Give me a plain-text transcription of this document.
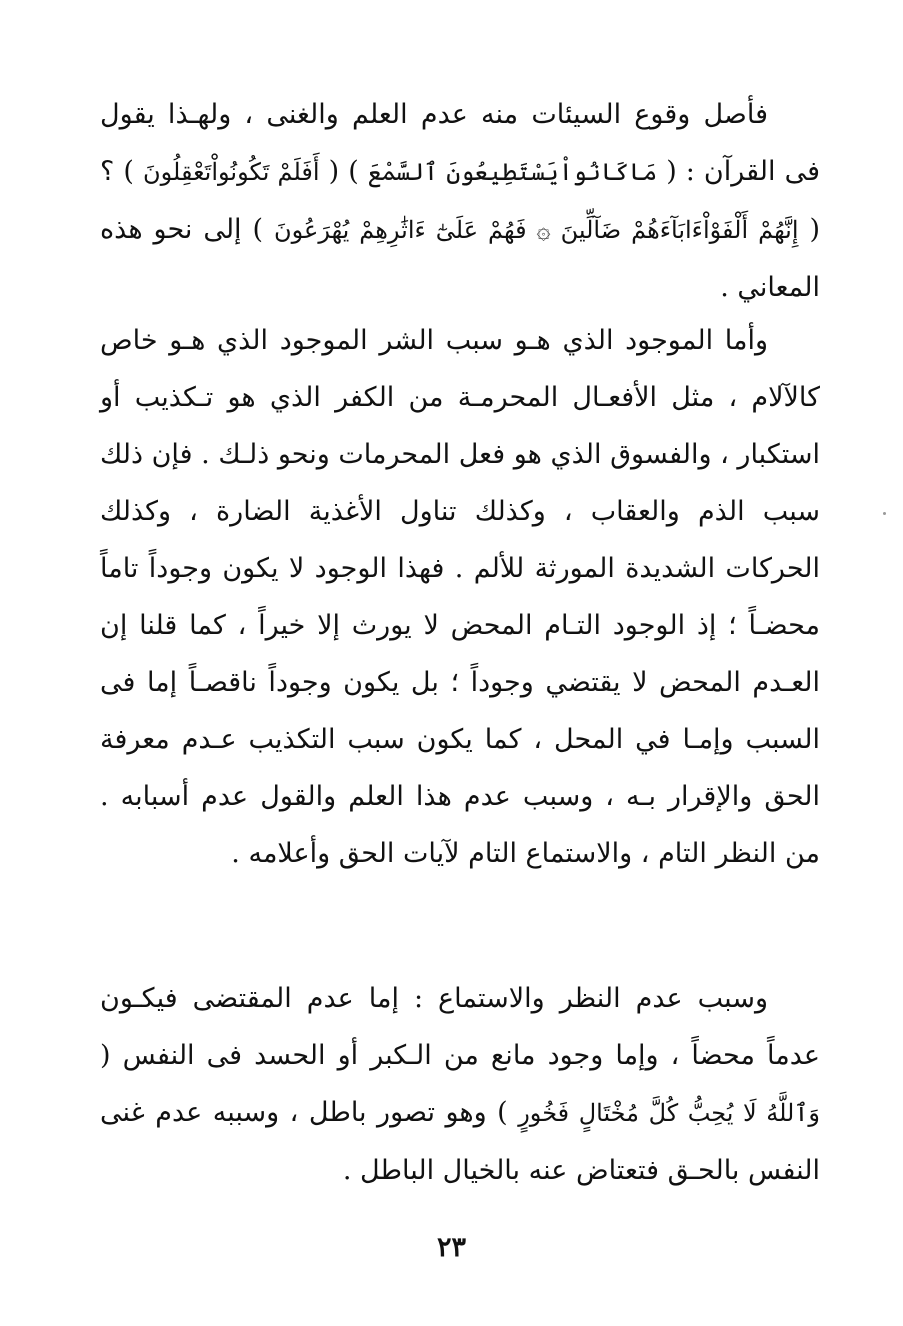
فأصل وقوع السيئات منه عدم العلم والغنى ، ولهـذا يقول فى القرآن : ( مَاكَانُواْيَسْتَطِيعُونَ ٱلسَّمْعَ ) ( أَفَلَمْ تَكُونُواْتَعْقِلُونَ ) ؟ ( إِنَّهُمْ أَلْفَوْاْءَابَآءَهُمْ ضَآلِّينَ ۞ فَهُمْ عَلَىٰٓ ءَاثَٰرِهِمْ يُهْرَعُونَ ) إلى نحو هذه المعاني .

وأما الموجود الذي هـو سبب الشر الموجود الذي هـو خاص كالآلام ، مثل الأفعـال المحرمـة من الكفر الذي هو تـكذيب أو استكبار ، والفسوق الذي هو فعل المحرمات ونحو ذلـك . فإن ذلك سبب الذم والعقاب ، وكذلك تناول الأغذية الضارة ، وكذلك الحركات الشديدة المورثة للألم . فهذا الوجود لا يكون وجوداً تاماً محضـاً ؛ إذ الوجود التـام المحض لا يورث إلا خيراً ، كما قلنا إن العـدم المحض لا يقتضي وجوداً ؛ بل يكون وجوداً ناقصـاً إما فى السبب وإمـا في المحل ، كما يكون سبب التكذيب عـدم معرفة الحق والإقرار بـه ، وسبب عدم هذا العلم والقول عدم أسبابه . من النظر التام ، والاستماع التام لآيات الحق وأعلامه .

وسبب عدم النظر والاستماع : إما عدم المقتضى فيكـون عدماً محضاً ، وإما وجود مانع من الـكبر أو الحسد فى النفس ( وَٱللَّهُ لَا يُحِبُّ كُلَّ مُخْتَالٍ فَخُورٍ ) وهو تصور باطل ، وسببه عدم غنى النفس بالحـق فتعتاض عنه بالخيال الباطل .

٢٣
